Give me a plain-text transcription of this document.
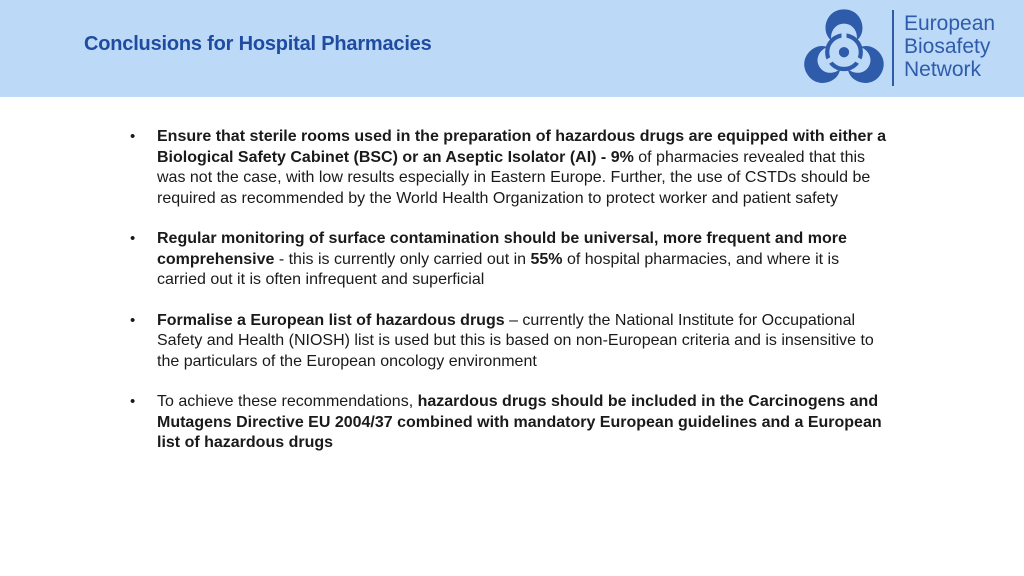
Conclusions for Hospital Pharmacies
European
Biosafety
Network
• Ensure that sterile rooms used in the preparation of hazardous drugs are equipped with either a Biological Safety Cabinet (BSC) or an Aseptic Isolator (AI) - 9% of pharmacies revealed that this was not the case, with low results especially in Eastern Europe. Further, the use of CSTDs should be required as recommended by the World Health Organization to protect worker and patient safety
• Regular monitoring of surface contamination should be universal, more frequent and more comprehensive - this is currently only carried out in 55% of hospital pharmacies, and where it is carried out it is often infrequent and superficial
• Formalise a European list of hazardous drugs – currently the National Institute for Occupational Safety and Health (NIOSH) list is used but this is based on non-European criteria and is insensitive to the particulars of the European oncology environment
• To achieve these recommendations, hazardous drugs should be included in the Carcinogens and Mutagens Directive EU 2004/37 combined with mandatory European guidelines and a European list of hazardous drugs
